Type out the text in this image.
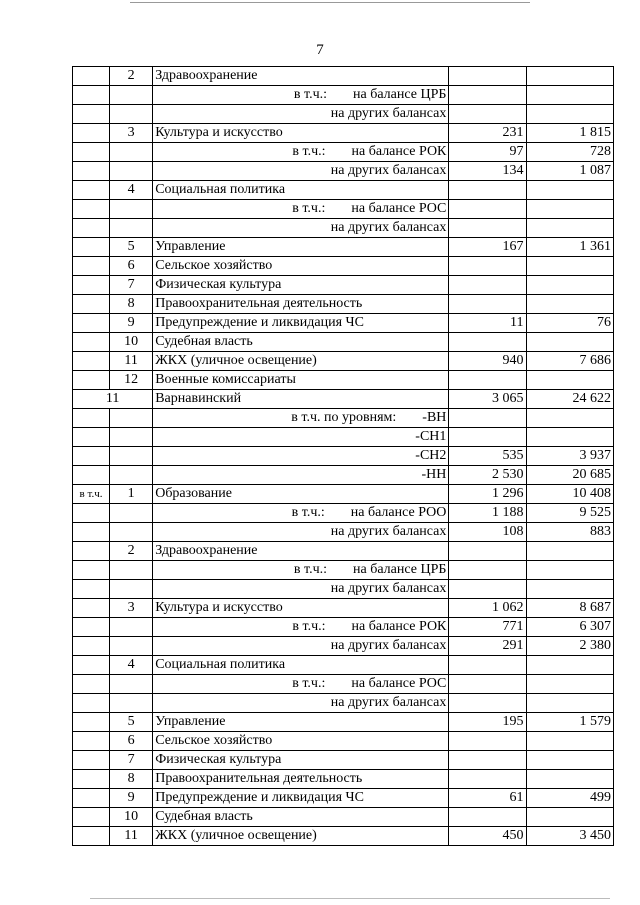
7
	2	Здравоохранение		
		в т.ч.: на балансе ЦРБ		
		на других балансах		
	3	Культура и искусство	231	1 815
		в т.ч.: на балансе РОК	97	728
		на других балансах	134	1 087
	4	Социальная политика		
		в т.ч.: на балансе РОС		
		на других балансах		
	5	Управление	167	1 361
	6	Сельское хозяйство		
	7	Физическая культура		
	8	Правоохранительная деятельность		
	9	Предупреждение и ликвидация ЧС	11	76
	10	Судебная власть		
	11	ЖКХ (уличное освещение)	940	7 686
	12	Военные комиссариаты		
11		Варнавинский	3 065	24 622
		в т.ч. по уровням: -ВН		
		-СН1		
		-СН2	535	3 937
		-НН	2 530	20 685
в т.ч.	1	Образование	1 296	10 408
		в т.ч.: на балансе РОО	1 188	9 525
		на других балансах	108	883
	2	Здравоохранение		
		в т.ч.: на балансе ЦРБ		
		на других балансах		
	3	Культура и искусство	1 062	8 687
		в т.ч.: на балансе РОК	771	6 307
		на других балансах	291	2 380
	4	Социальная политика		
		в т.ч.: на балансе РОС		
		на других балансах		
	5	Управление	195	1 579
	6	Сельское хозяйство		
	7	Физическая культура		
	8	Правоохранительная деятельность		
	9	Предупреждение и ликвидация ЧС	61	499
	10	Судебная власть		
	11	ЖКХ (уличное освещение)	450	3 450
